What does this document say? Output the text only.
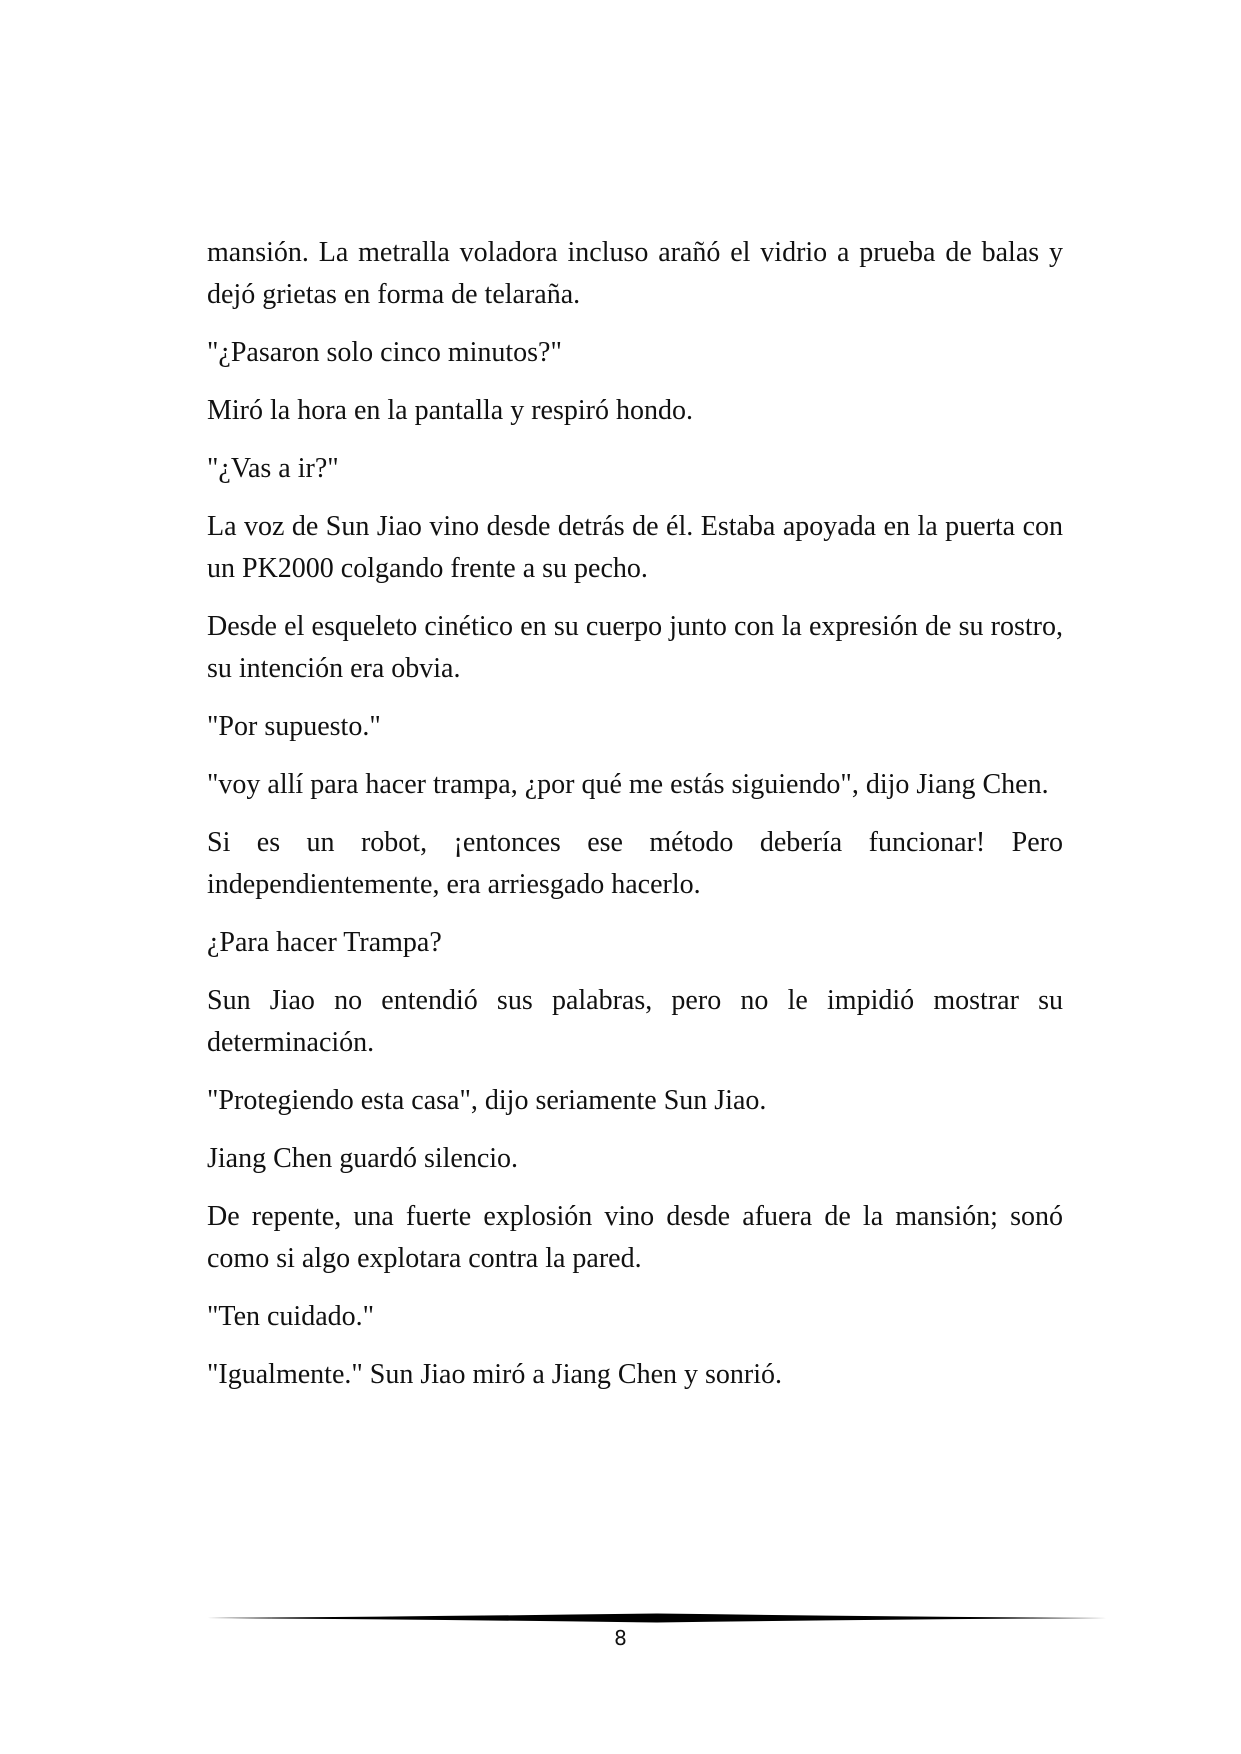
mansión. La metralla voladora incluso arañó el vidrio a prueba de balas y dejó grietas en forma de telaraña.

"¿Pasaron solo cinco minutos?"

Miró la hora en la pantalla y respiró hondo.

"¿Vas a ir?"

La voz de Sun Jiao vino desde detrás de él. Estaba apoyada en la puerta con un PK2000 colgando frente a su pecho.

Desde el esqueleto cinético en su cuerpo junto con la expresión de su rostro, su intención era obvia.

"Por supuesto."

"voy allí para hacer trampa, ¿por qué me estás siguiendo", dijo Jiang Chen.

Si es un robot, ¡entonces ese método debería funcionar! Pero independientemente, era arriesgado hacerlo.

¿Para hacer Trampa?

Sun Jiao no entendió sus palabras, pero no le impidió mostrar su determinación.

"Protegiendo esta casa", dijo seriamente Sun Jiao.

Jiang Chen guardó silencio.

De repente, una fuerte explosión vino desde afuera de la mansión; sonó como si algo explotara contra la pared.

"Ten cuidado."

"Igualmente." Sun Jiao miró a Jiang Chen y sonrió.

8
